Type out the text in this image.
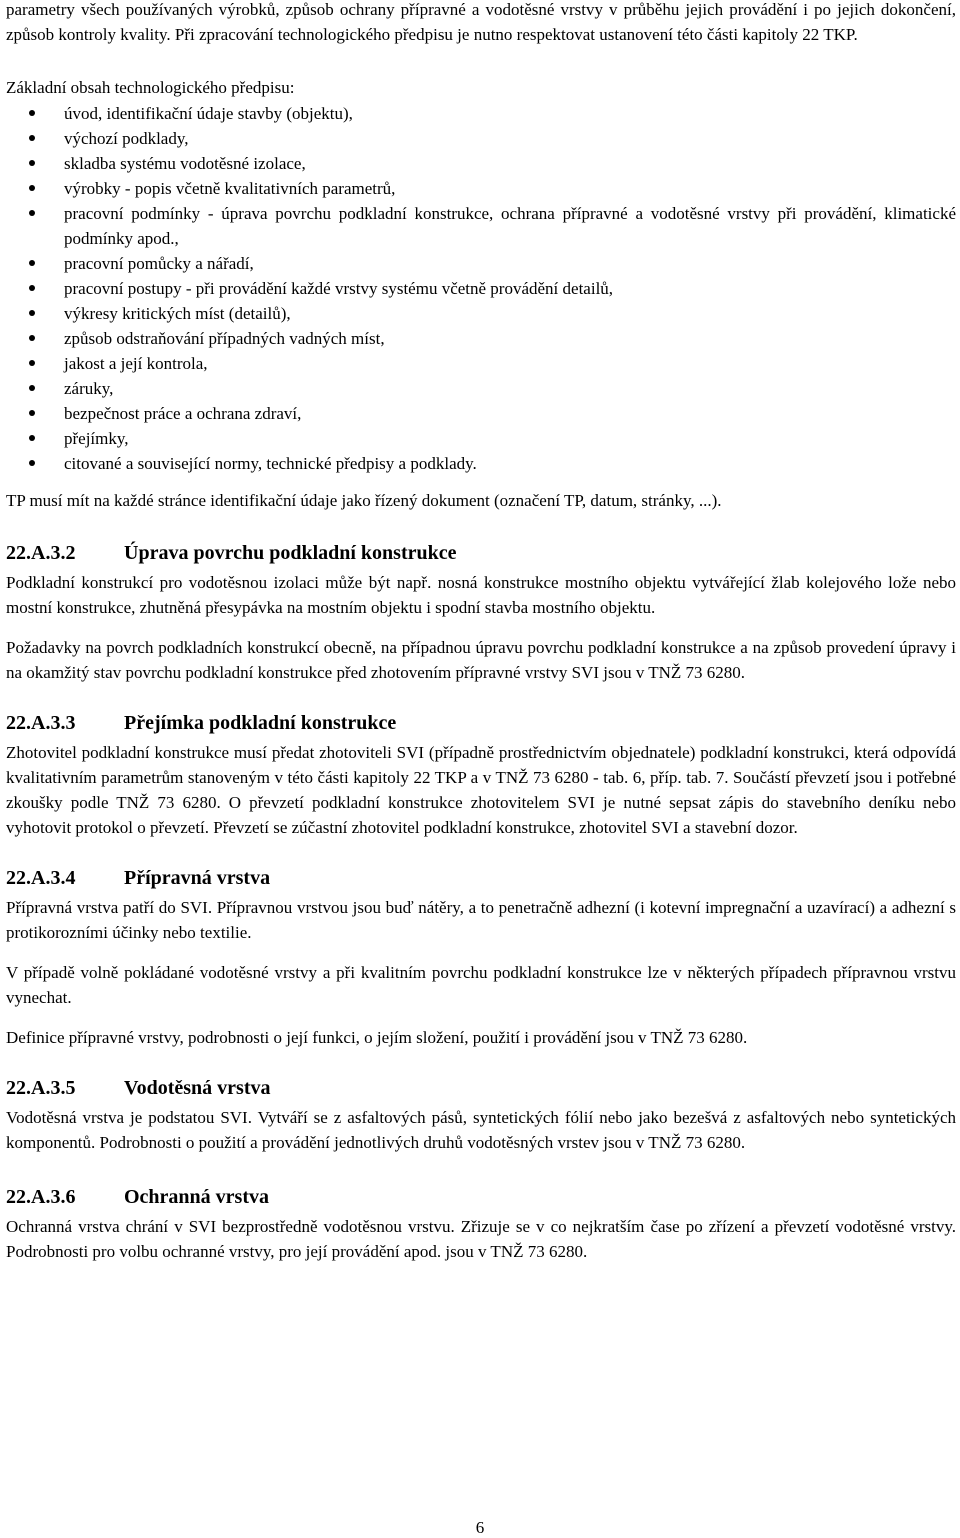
parametry všech používaných výrobků, způsob ochrany přípravné a vodotěsné vrstvy v průběhu jejich provádění i po jejich dokončení, způsob kontroly kvality. Při zpracování technologického předpisu je nutno respektovat ustanovení této části kapitoly 22 TKP.

Základní obsah technologického předpisu:

úvod, identifikační údaje stavby (objektu),
výchozí podklady,
skladba systému vodotěsné izolace,
výrobky - popis včetně kvalitativních parametrů,
pracovní podmínky - úprava povrchu podkladní konstrukce, ochrana přípravné a vodotěsné vrstvy při provádění, klimatické podmínky apod.,
pracovní pomůcky a nářadí,
pracovní postupy - při provádění každé vrstvy systému včetně provádění detailů,
výkresy kritických míst (detailů),
způsob odstraňování případných vadných míst,
jakost a její kontrola,
záruky,
bezpečnost práce a ochrana zdraví,
přejímky,
citované a související normy, technické předpisy a podklady.

TP musí mít na každé stránce identifikační údaje jako řízený dokument (označení TP, datum, stránky, ...).

22.A.3.2	Úprava povrchu podkladní konstrukce

Podkladní konstrukcí pro vodotěsnou izolaci může být např. nosná konstrukce mostního objektu vytvářející žlab kolejového lože nebo mostní konstrukce, zhutněná přesypávka na mostním objektu i spodní stavba mostního objektu.

Požadavky na povrch podkladních konstrukcí obecně, na případnou úpravu povrchu podkladní konstrukce a na způsob provedení úpravy i na okamžitý stav povrchu podkladní konstrukce před zhotovením přípravné vrstvy SVI jsou v TNŽ 73 6280.

22.A.3.3	Přejímka podkladní konstrukce

Zhotovitel podkladní konstrukce musí předat zhotoviteli SVI (případně prostřednictvím objednatele) podkladní konstrukci, která odpovídá kvalitativním parametrům stanoveným v této části kapitoly 22 TKP a v TNŽ 73 6280 - tab. 6, příp. tab. 7. Součástí převzetí jsou i potřebné zkoušky podle TNŽ 73 6280. O převzetí podkladní konstrukce zhotovitelem SVI je nutné sepsat zápis do stavebního deníku nebo vyhotovit protokol o převzetí. Převzetí se zúčastní zhotovitel podkladní konstrukce, zhotovitel SVI a stavební dozor.

22.A.3.4	Přípravná vrstva

Přípravná vrstva patří do SVI. Přípravnou vrstvou jsou buď nátěry, a to penetračně adhezní (i kotevní impregnační a uzavírací) a adhezní s protikorozními účinky nebo textilie.

V případě volně pokládané vodotěsné vrstvy a při kvalitním povrchu podkladní konstrukce lze v některých případech přípravnou vrstvu vynechat.

Definice přípravné vrstvy, podrobnosti o její funkci, o jejím složení, použití i provádění jsou v TNŽ 73 6280.

22.A.3.5	Vodotěsná vrstva

Vodotěsná vrstva je podstatou SVI. Vytváří se z asfaltových pásů, syntetických fólií nebo jako bezešvá z asfaltových nebo syntetických komponentů. Podrobnosti o použití a provádění jednotlivých druhů vodotěsných vrstev jsou v TNŽ 73 6280.

22.A.3.6	Ochranná vrstva

Ochranná vrstva chrání v SVI bezprostředně vodotěsnou vrstvu. Zřizuje se v co nejkratším čase po zřízení a převzetí vodotěsné vrstvy. Podrobnosti pro volbu ochranné vrstvy, pro její provádění apod. jsou v TNŽ 73 6280.

6
